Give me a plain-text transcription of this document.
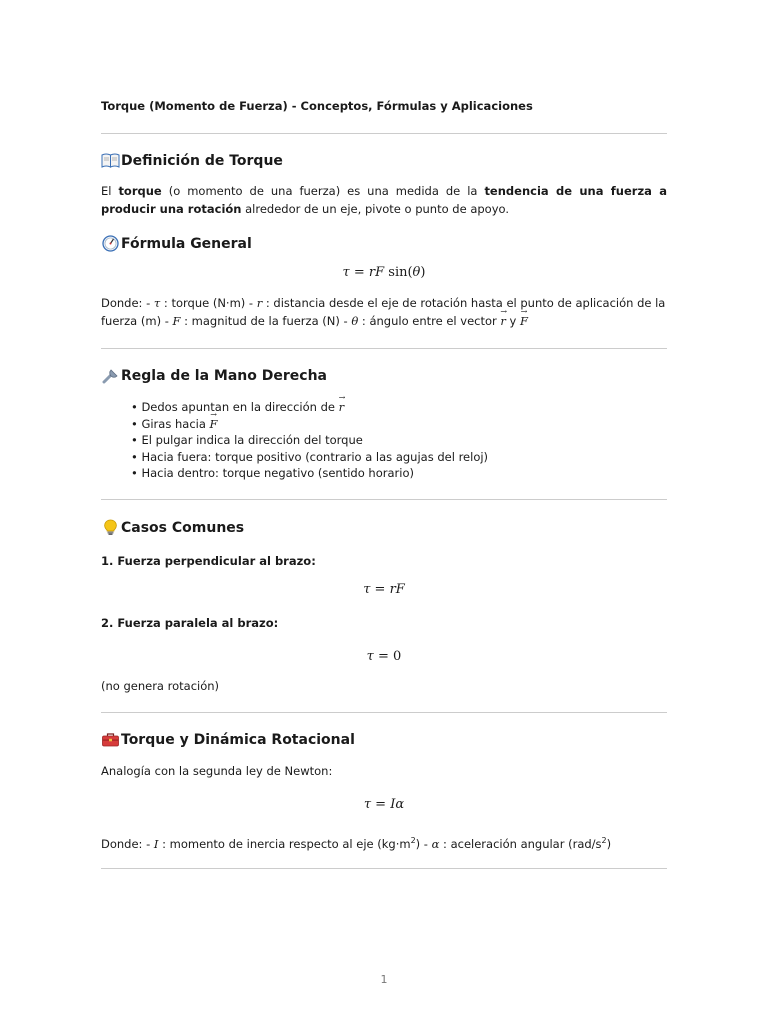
Torque (Momento de Fuerza) - Conceptos, Fórmulas y Aplicaciones
Definición de Torque

El torque (o momento de una fuerza) es una medida de la tendencia de una fuerza a producir una rotación alrededor de un eje, pivote o punto de apoyo.

Fórmula General
τ = rF sin(θ)

Donde: - τ : torque (N·m) - r : distancia desde el eje de rotación hasta el punto de aplicación de la fuerza (m) - F : magnitud de la fuerza (N) - θ : ángulo entre el vector r → y F →

Regla de la Mano Derecha
• Dedos apuntan en la dirección de r →
• Giras hacia F →
• El pulgar indica la dirección del torque
• Hacia fuera: torque positivo (contrario a las agujas del reloj)
• Hacia dentro: torque negativo (sentido horario)
Casos Comunes

1. Fuerza perpendicular al brazo:

τ = rF

2. Fuerza paralela al brazo:

τ = 0

(no genera rotación)

Torque y Dinámica Rotacional

Analogía con la segunda ley de Newton:

τ = Iα

Donde: - I : momento de inercia respecto al eje $(kg\cdot m^2) - \alpha$ : aceleración angular $(rad/s^2)$

1
